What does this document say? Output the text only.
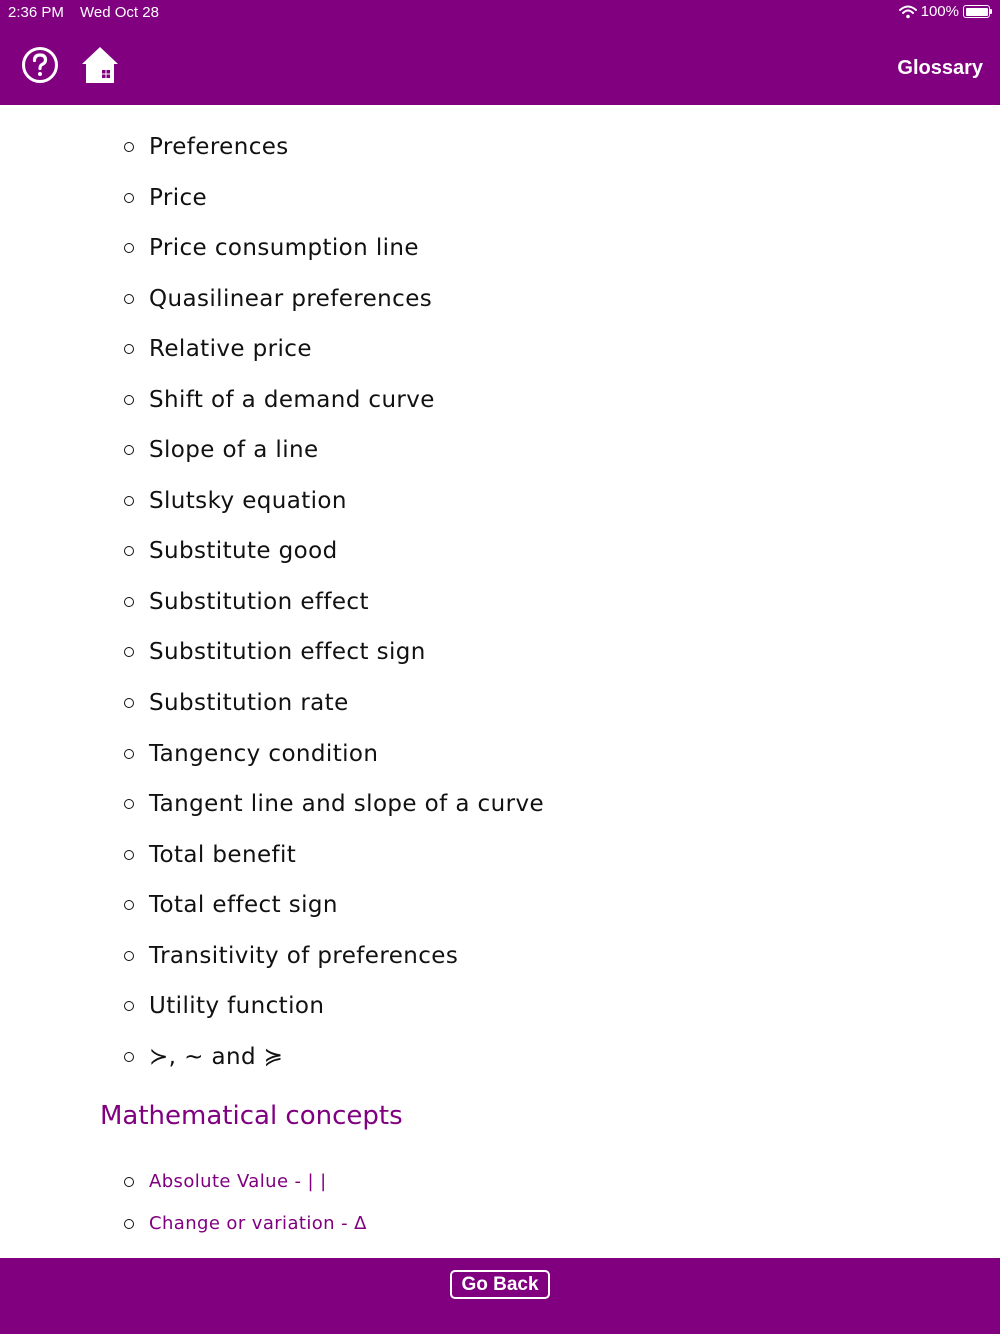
2:36 PM Wed Oct 28	100%
Glossary
Preferences
Price
Price consumption line
Quasilinear preferences
Relative price
Shift of a demand curve
Slope of a line
Slutsky equation
Substitute good
Substitution effect
Substitution effect sign
Substitution rate
Tangency condition
Tangent line and slope of a curve
Total benefit
Total effect sign
Transitivity of preferences
Utility function
≻, ∼ and ≽
Mathematical concepts
Absolute Value - | |
Change or variation - Δ
Go Back
